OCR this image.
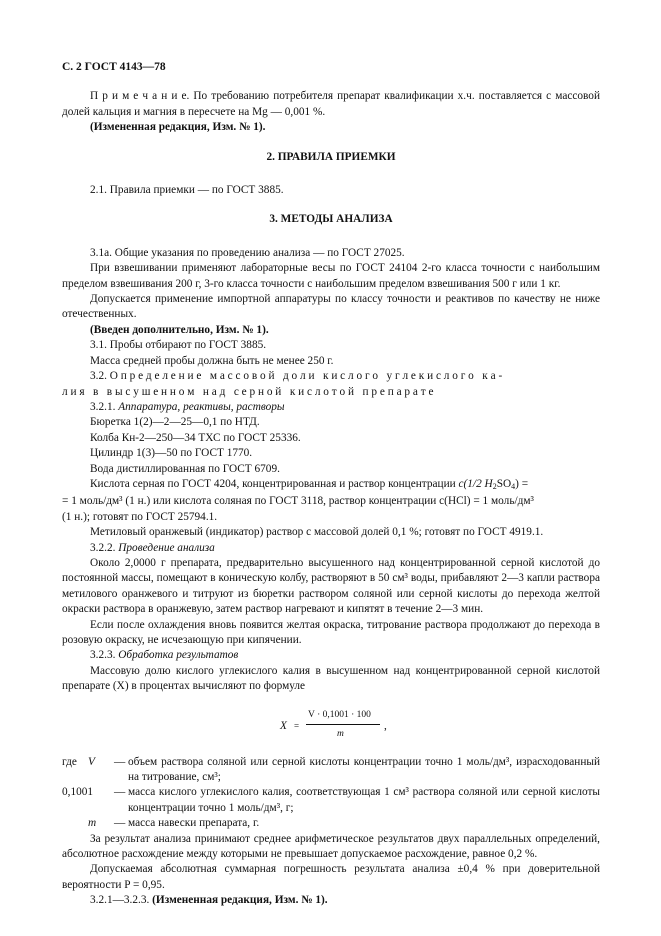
С. 2 ГОСТ 4143—78

П р и м е ч а н и е. По требованию потребителя препарат квалификации х.ч. поставляется с массовой долей кальция и магния в пересчете на Mg — 0,001 %.

(Измененная редакция, Изм. № 1).

2. ПРАВИЛА ПРИЕМКИ

2.1. Правила приемки — по ГОСТ 3885.

3. МЕТОДЫ АНАЛИЗА

3.1а. Общие указания по проведению анализа — по ГОСТ 27025.

При взвешивании применяют лабораторные весы по ГОСТ 24104 2-го класса точности с наибольшим пределом взвешивания 200 г, 3-го класса точности с наибольшим пределом взвешивания 500 г или 1 кг.

Допускается применение импортной аппаратуры по классу точности и реактивов по качеству не ниже отечественных.

(Введен дополнительно, Изм. № 1).

3.1. Пробы отбирают по ГОСТ 3885.

Масса средней пробы должна быть не менее 250 г.

3.2. О п р е д е л е н и е   м а с с о в о й   д о л и   к и с л о г о   у г л е к и с л о г о   к а -

л и я   в   в ы с у ш е н н о м   н а д   с е р н о й   к и с л о т о й   п р е п а р а т е

3.2.1. Аппаратура, реактивы, растворы

Бюретка 1(2)—2—25—0,1 по НТД.

Колба Кн-2—250—34 ТХС по ГОСТ 25336.

Цилиндр 1(3)—50 по ГОСТ 1770.

Вода дистиллированная по ГОСТ 6709.

Кислота серная по ГОСТ 4204, концентрированная и раствор концентрации c(1/2 $H_2SO_4$) =

= 1 моль/дм³ (1 н.) или кислота соляная по ГОСТ 3118, раствор концентрации c(HCl) = 1 моль/дм³

(1 н.); готовят по ГОСТ 25794.1.

Метиловый оранжевый (индикатор) раствор с массовой долей 0,1 %; готовят по ГОСТ 4919.1.

3.2.2. Проведение анализа

Около 2,0000 г препарата, предварительно высушенного над концентрированной серной кислотой до постоянной массы, помещают в коническую колбу, растворяют в 50 см³ воды, прибавляют 2—3 капли раствора метилового оранжевого и титруют из бюретки раствором соляной или серной кислоты до перехода желтой окраски раствора в оранжевую, затем раствор нагревают и кипятят в течение 2—3 мин.

Если после охлаждения вновь появится желтая окраска, титрование раствора продолжают до перехода в розовую окраску, не исчезающую при кипячении.

3.2.3. Обработка результатов

Массовую долю кислого углекислого калия в высушенном над концентрированной серной кислотой препарате (X) в процентах вычисляют по формуле

X =
V · 0,1001 · 100
m
,
где V	— объем раствора соляной или серной кислоты концентрации точно 1 моль/дм³, израсходованный на титрование, см³;
0,1001	— масса кислого углекислого калия, соответствующая 1 см³ раствора соляной или серной кислоты концентрации точно 1 моль/дм³, г;
m	— масса навески препарата, г.

За результат анализа принимают среднее арифметическое результатов двух параллельных определений, абсолютное расхождение между которыми не превышает допускаемое расхождение, равное 0,2 %.

Допускаемая абсолютная суммарная погрешность результата анализа ±0,4 % при доверительной вероятности P = 0,95.

3.2.1—3.2.3. (Измененная редакция, Изм. № 1).
